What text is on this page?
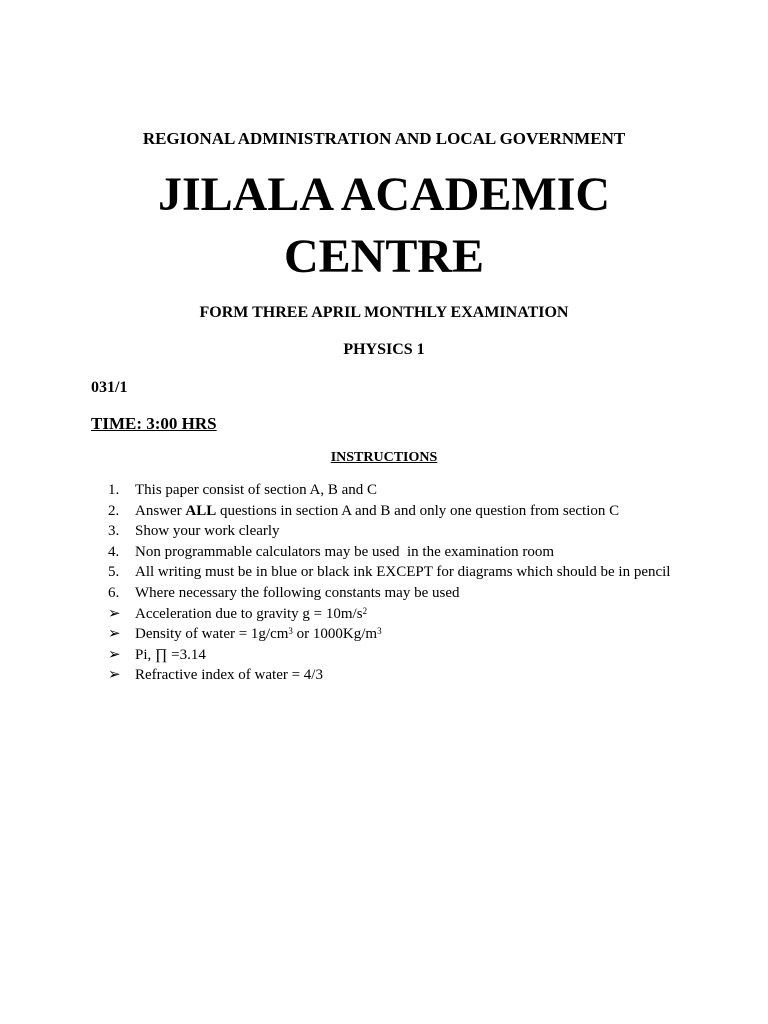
REGIONAL ADMINISTRATION AND LOCAL GOVERNMENT
JILALA ACADEMIC
CENTRE
FORM THREE APRIL MONTHLY EXAMINATION
PHYSICS 1
031/1
TIME: 3:00 HRS
INSTRUCTIONS
1. This paper consist of section A, B and C
2. Answer ALL questions in section A and B and only one question from section C
3. Show your work clearly
4. Non programmable calculators may be used  in the examination room
5. All writing must be in blue or black ink EXCEPT for diagrams which should be in pencil
6. Where necessary the following constants may be used
➢ Acceleration due to gravity $g = 10m/s^2$
➢ Density of water = $1g/cm^3$ or $1000Kg/m^3$
➢ Pi, ∏ =3.14
➢ Refractive index of water = 4/3
